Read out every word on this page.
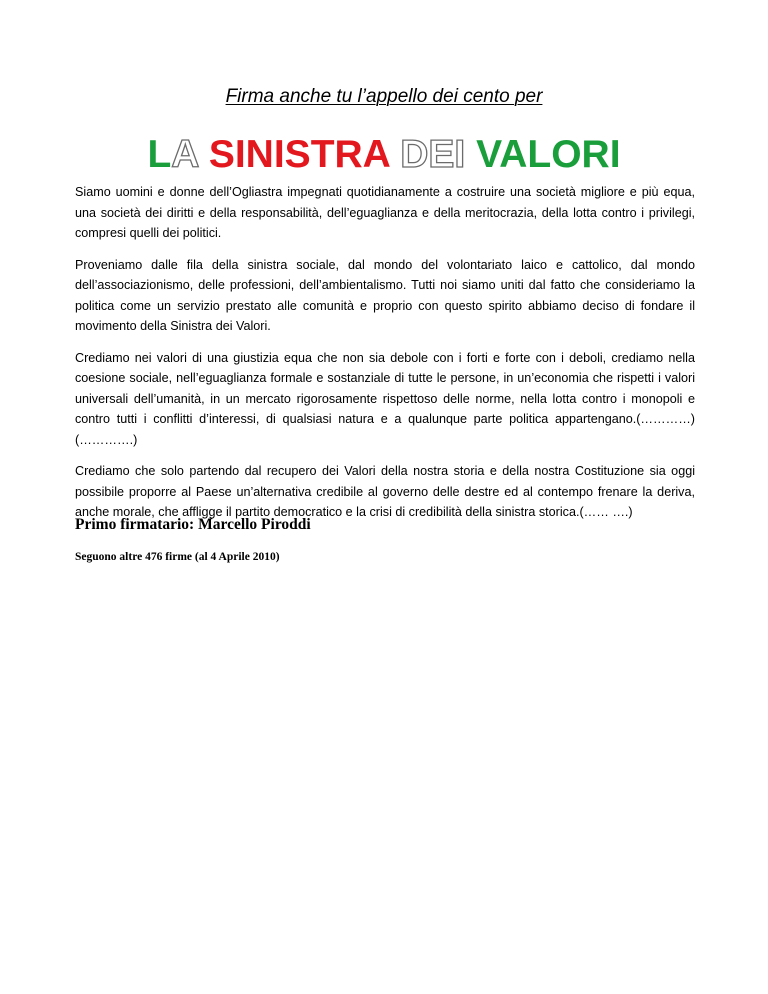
Firma anche tu l’appello dei cento per
LA SINISTRA DEI VALORI

Siamo uomini e donne dell’Ogliastra impegnati quotidianamente a costruire una società migliore e più equa, una società dei diritti e della responsabilità, dell’eguaglianza e della meritocrazia, della lotta contro i privilegi, compresi quelli dei politici.

Proveniamo dalle fila della sinistra sociale, dal mondo del volontariato laico e cattolico, dal mondo dell’associazionismo, delle professioni, dell’ambientalismo. Tutti noi siamo uniti dal fatto che consideriamo la politica come un servizio prestato alle comunità e proprio con questo spirito abbiamo deciso di fondare il movimento della Sinistra dei Valori.

Crediamo nei valori di una giustizia equa che non sia debole con i forti e forte con i deboli, crediamo nella coesione sociale, nell’eguaglianza formale e sostanziale di tutte le persone, in un’economia che rispetti i valori universali dell’umanità, in un mercato rigorosamente rispettoso delle norme, nella lotta contro i monopoli e contro tutti i conflitti d’interessi, di qualsiasi natura e a qualunque parte politica appartengano.(…………) (………….)

Crediamo che solo partendo dal recupero dei Valori della nostra storia e della nostra Costituzione sia oggi possibile proporre al Paese un’alternativa credibile al governo delle destre ed al contempo frenare la deriva, anche morale, che affligge il partito democratico e la crisi di credibilità della sinistra storica.(…… ….)

Primo firmatario: Marcello Piroddi
Seguono altre 476 firme (al 4 Aprile 2010)
